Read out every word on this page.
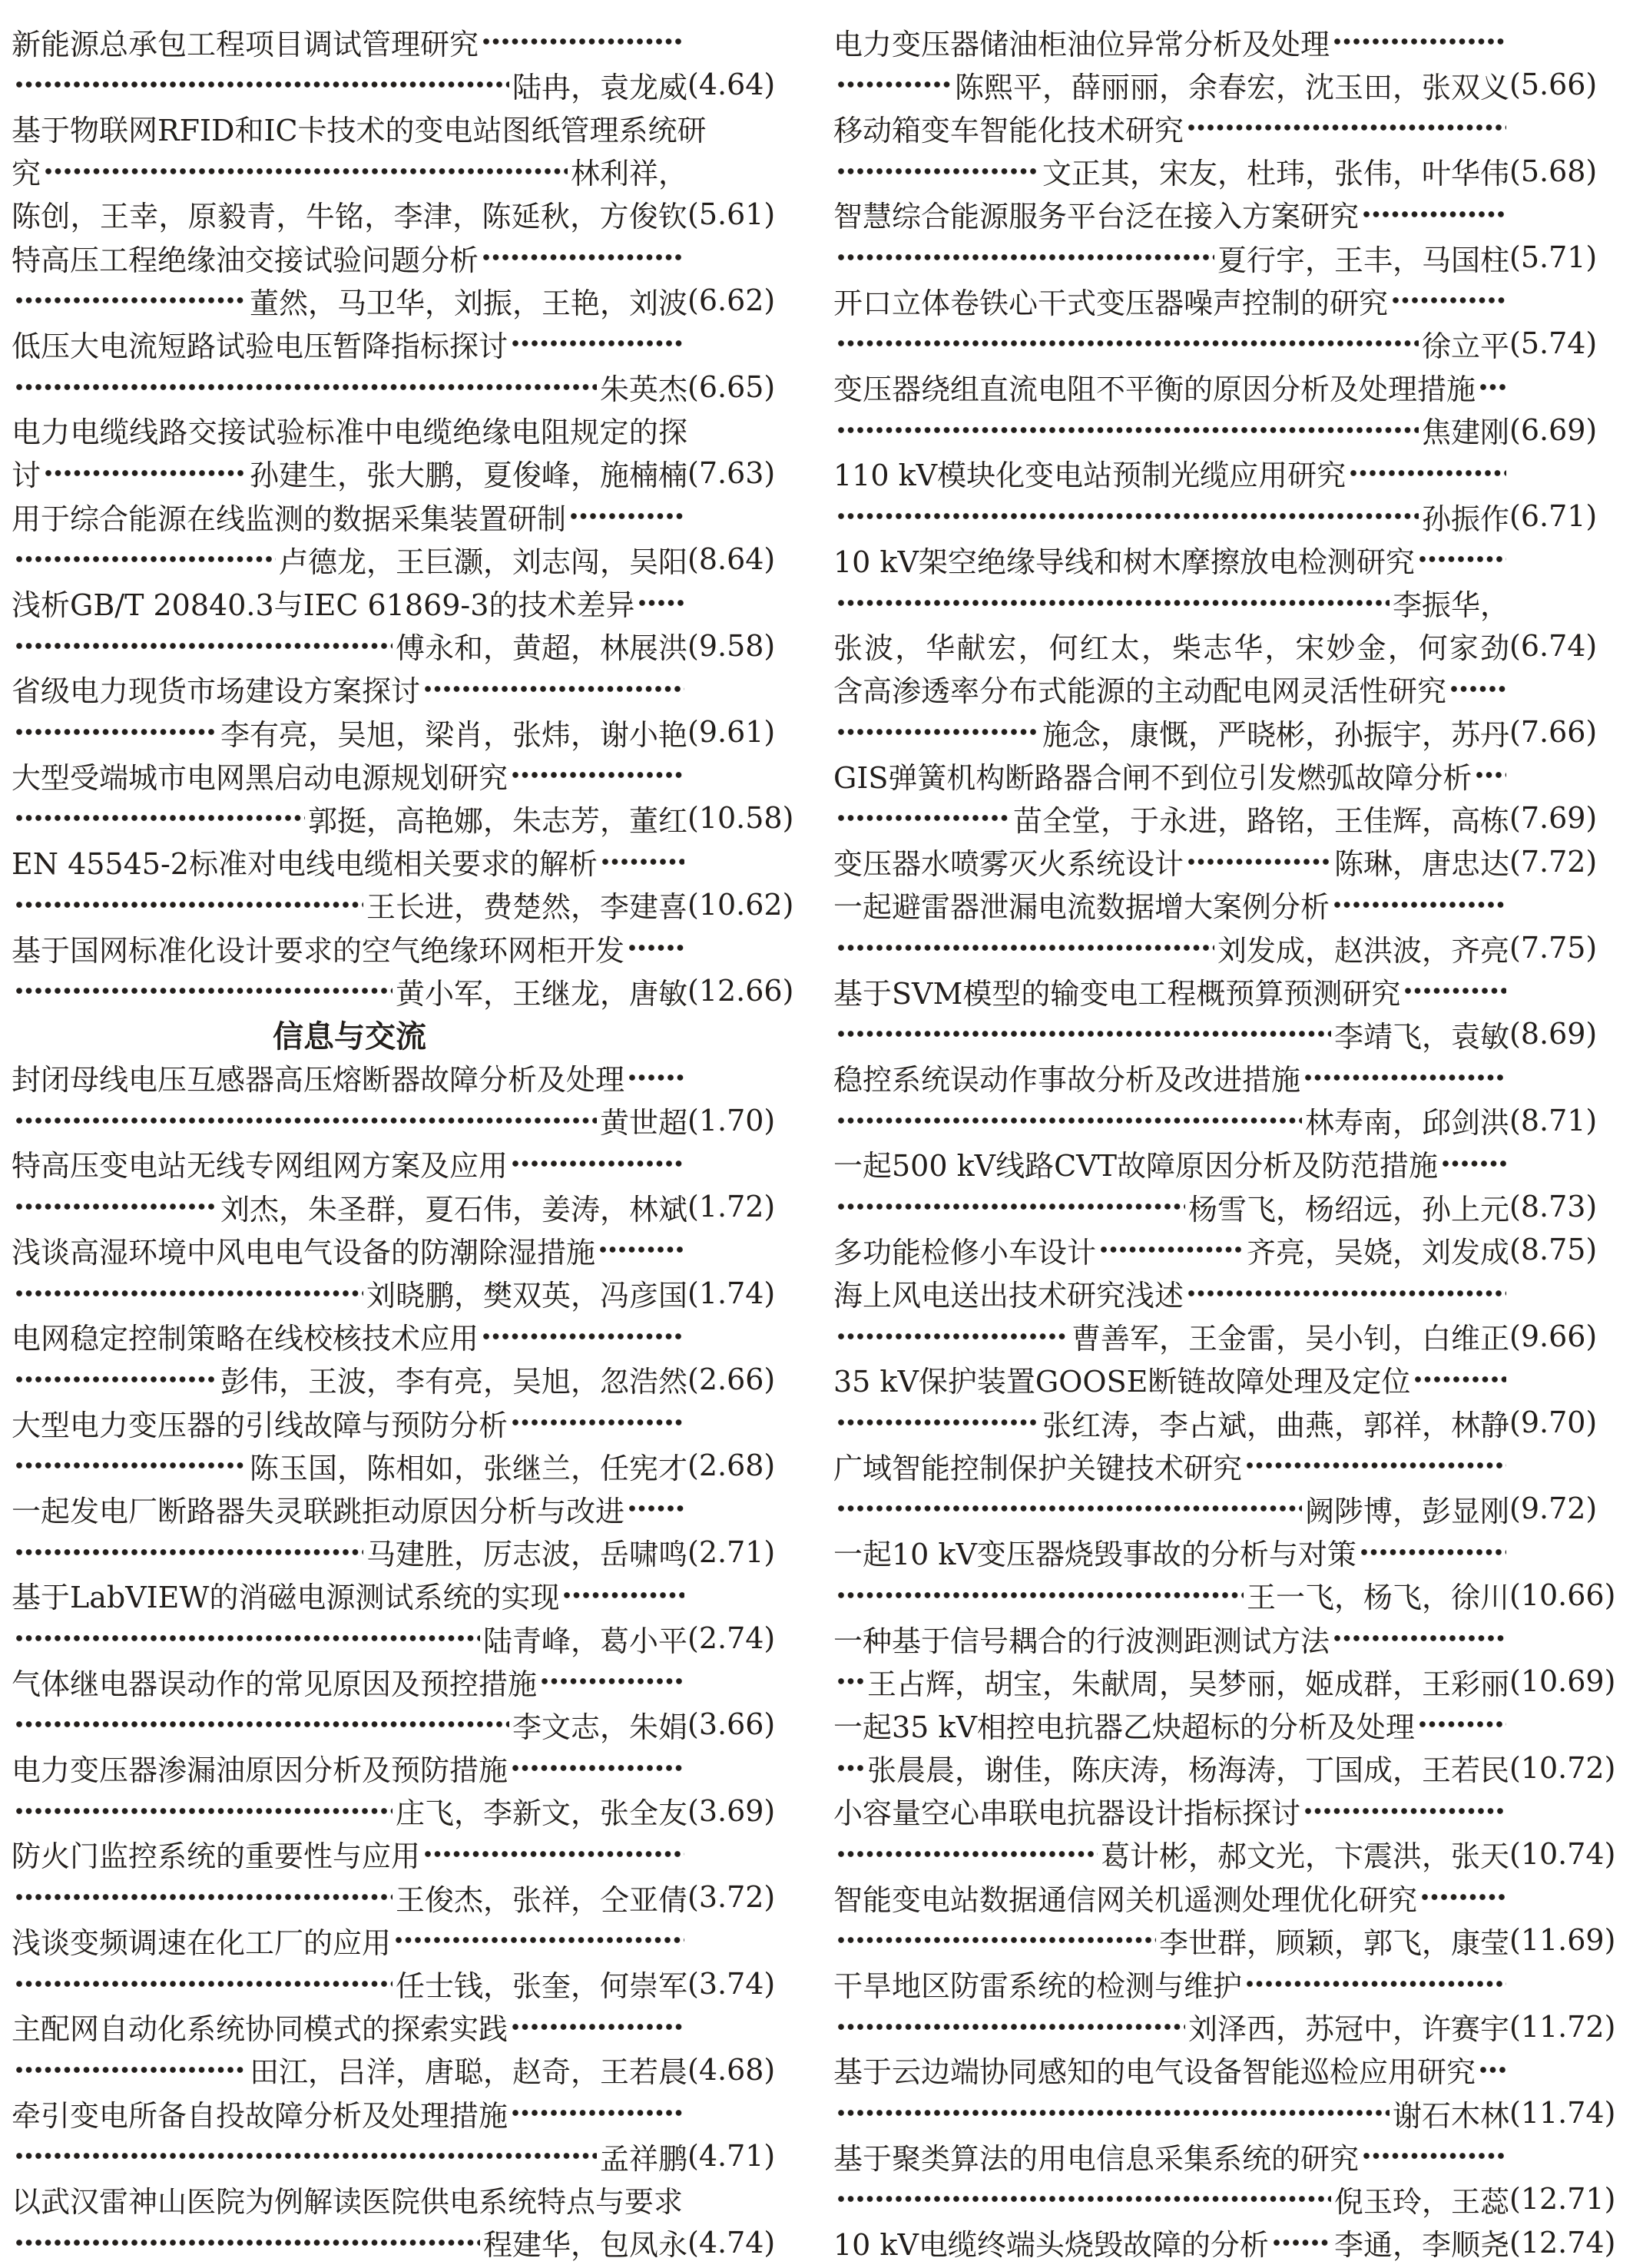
新能源总承包工程项目调试管理研究
陆冉，袁龙威 (4.64)
基于物联网RFID和IC卡技术的变电站图纸管理系统研
究	林利祥，
陈创，王幸，原毅青，牛铭，李津，陈延秋，方俊钦 (5.61)
特高压工程绝缘油交接试验问题分析
董然，马卫华，刘振，王艳，刘波 (6.62)
低压大电流短路试验电压暂降指标探讨
朱英杰 (6.65)
电力电缆线路交接试验标准中电缆绝缘电阻规定的探
讨	孙建生，张大鹏，夏俊峰，施楠楠 (7.63)
用于综合能源在线监测的数据采集装置研制
卢德龙，王巨灏，刘志闯，吴阳 (8.64)
浅析GB/T 20840.3与IEC 61869-3的技术差异
傅永和，黄超，林展洪 (9.58)
省级电力现货市场建设方案探讨
李有亮，吴旭，梁肖，张炜，谢小艳 (9.61)
大型受端城市电网黑启动电源规划研究
郭挺，高艳娜，朱志芳，董红 (10.58)
EN 45545-2标准对电线电缆相关要求的解析
王长进，费楚然，李建喜 (10.62)
基于国网标准化设计要求的空气绝缘环网柜开发
黄小军，王继龙，唐敏 (12.66)
信息与交流
封闭母线电压互感器高压熔断器故障分析及处理
黄世超 (1.70)
特高压变电站无线专网组网方案及应用
刘杰，朱圣群，夏石伟，姜涛，林斌 (1.72)
浅谈高湿环境中风电电气设备的防潮除湿措施
刘晓鹏，樊双英，冯彦国 (1.74)
电网稳定控制策略在线校核技术应用
彭伟，王波，李有亮，吴旭，忽浩然 (2.66)
大型电力变压器的引线故障与预防分析
陈玉国，陈相如，张继兰，任宪才 (2.68)
一起发电厂断路器失灵联跳拒动原因分析与改进
马建胜，厉志波，岳啸鸣 (2.71)
基于LabVIEW的消磁电源测试系统的实现
陆青峰，葛小平 (2.74)
气体继电器误动作的常见原因及预控措施
李文志，朱娟 (3.66)
电力变压器渗漏油原因分析及预防措施
庄飞，李新文，张全友 (3.69)
防火门监控系统的重要性与应用
王俊杰，张祥，仝亚倩 (3.72)
浅谈变频调速在化工厂的应用
任士钱，张奎，何崇军 (3.74)
主配网自动化系统协同模式的探索实践
田江，吕洋，唐聪，赵奇，王若晨 (4.68)
牵引变电所备自投故障分析及处理措施
孟祥鹏 (4.71)
以武汉雷神山医院为例解读医院供电系统特点与要求
程建华，包凤永 (4.74)
电力变压器储油柜油位异常分析及处理
陈熙平，薛丽丽，余春宏，沈玉田，张双义 (5.66)
移动箱变车智能化技术研究
文正其，宋友，杜玮，张伟，叶华伟 (5.68)
智慧综合能源服务平台泛在接入方案研究
夏行宇，王丰，马国柱 (5.71)
开口立体卷铁心干式变压器噪声控制的研究
徐立平 (5.74)
变压器绕组直流电阻不平衡的原因分析及处理措施
焦建刚 (6.69)
110 kV模块化变电站预制光缆应用研究
孙振作 (6.71)
10 kV架空绝缘导线和树木摩擦放电检测研究
李振华，
张波，华献宏，何红太，柴志华，宋妙金，何家劲 (6.74)
含高渗透率分布式能源的主动配电网灵活性研究
施念，康慨，严晓彬，孙振宇，苏丹 (7.66)
GIS弹簧机构断路器合闸不到位引发燃弧故障分析
苗全堂，于永进，路铭，王佳辉，高栋 (7.69)
变压器水喷雾灭火系统设计	陈琳，唐忠达 (7.72)
一起避雷器泄漏电流数据增大案例分析
刘发成，赵洪波，齐亮 (7.75)
基于SVM模型的输变电工程概预算预测研究
李靖飞，袁敏 (8.69)
稳控系统误动作事故分析及改进措施
林寿南，邱剑洪 (8.71)
一起500 kV线路CVT故障原因分析及防范措施
杨雪飞，杨绍远，孙上元 (8.73)
多功能检修小车设计	齐亮，吴娆，刘发成 (8.75)
海上风电送出技术研究浅述
曹善军，王金雷，吴小钊，白维正 (9.66)
35 kV保护装置GOOSE断链故障处理及定位
张红涛，李占斌，曲燕，郭祥，林静 (9.70)
广域智能控制保护关键技术研究
阙陟博，彭显刚 (9.72)
一起10 kV变压器烧毁事故的分析与对策
王一飞，杨飞，徐川 (10.66)
一种基于信号耦合的行波测距测试方法
王占辉，胡宝，朱献周，吴梦丽，姬成群，王彩丽 (10.69)
一起35 kV相控电抗器乙炔超标的分析及处理
张晨晨，谢佳，陈庆涛，杨海涛，丁国成，王若民 (10.72)
小容量空心串联电抗器设计指标探讨
葛计彬，郝文光，卞震洪，张天 (10.74)
智能变电站数据通信网关机遥测处理优化研究
李世群，顾颖，郭飞，康莹 (11.69)
干旱地区防雷系统的检测与维护
刘泽西，苏冠中，许赛宇 (11.72)
基于云边端协同感知的电气设备智能巡检应用研究
谢石木林 (11.74)
基于聚类算法的用电信息采集系统的研究
倪玉玲，王蕊 (12.71)
10 kV电缆终端头烧毁故障的分析 李通，李顺尧 (12.74)
